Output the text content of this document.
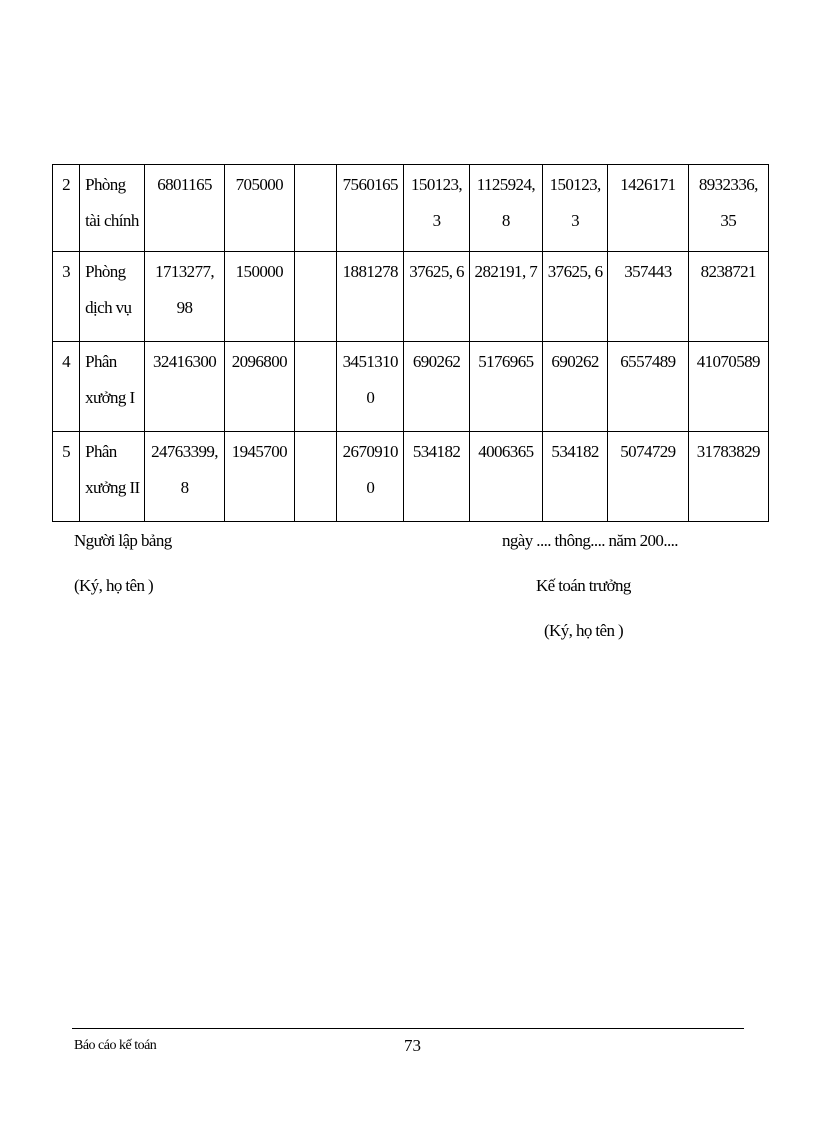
2	Phòng tài chính	6801165	705000		7560165	150123, 3	1125924, 8	150123, 3	1426171	8932336, 35

3	Phòng dịch vụ	1713277, 98	150000		1881278	37625, 6	282191, 7	37625, 6	357443	8238721

4	Phân xưởng I	32416300	2096800		3451310 0	690262	5176965	690262	6557489	41070589

5	Phân xưởng II	24763399, 8	1945700		2670910 0	534182	4006365	534182	5074729	31783829
Người lập bảng
(Ký, họ tên )
ngày .... thông.... năm 200....
Kế toán trưởng
(Ký, họ tên )
Báo cáo kế toán	73
